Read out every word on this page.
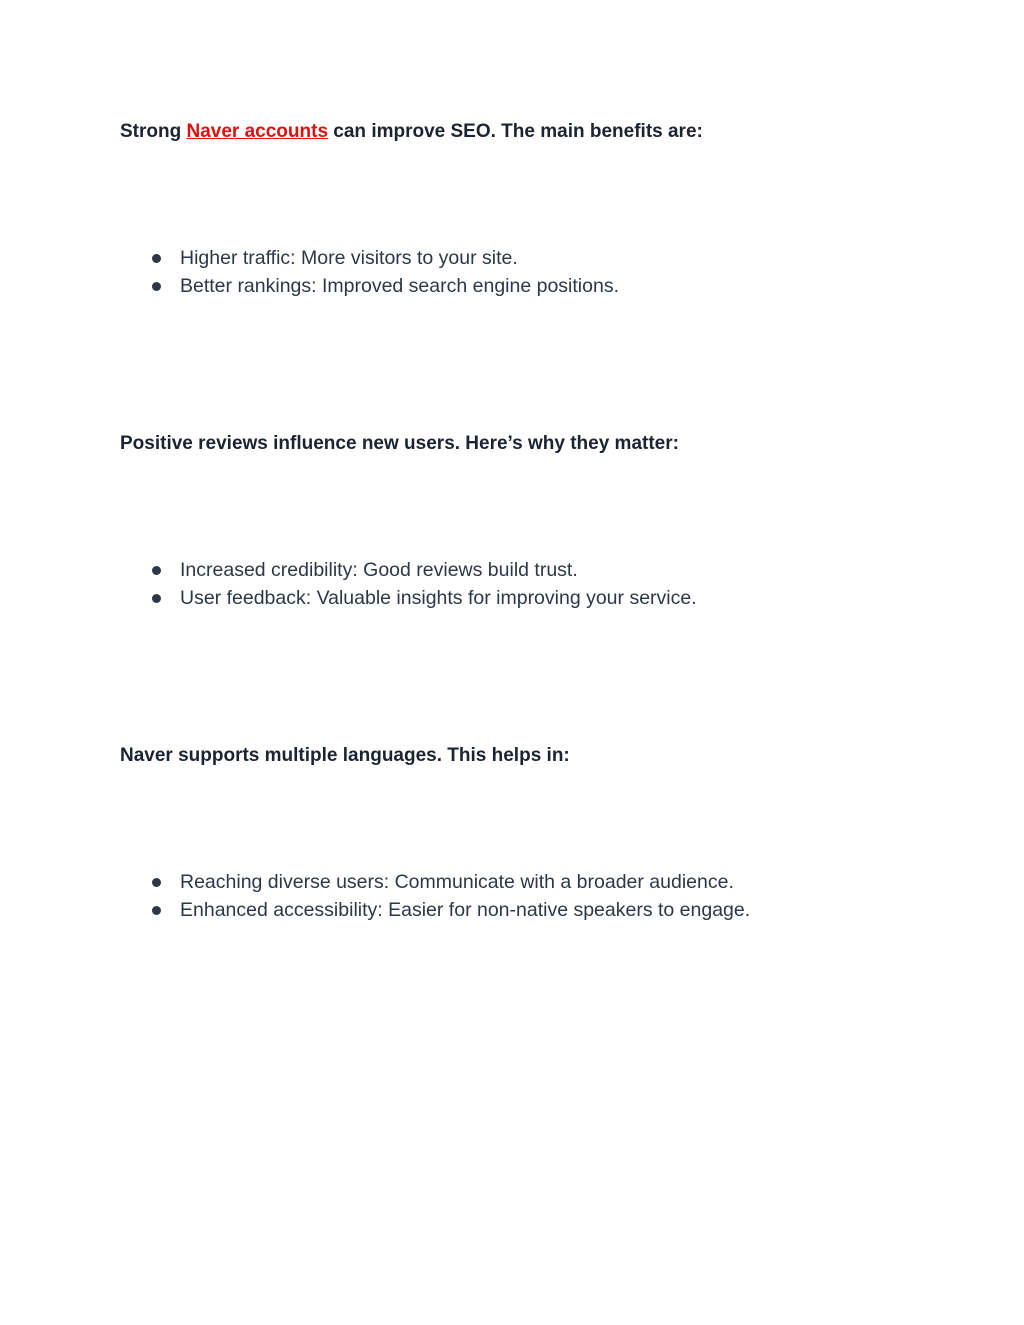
Strong Naver accounts can improve SEO. The main benefits are:

Higher traffic: More visitors to your site.
Better rankings: Improved search engine positions.

Positive reviews influence new users. Here’s why they matter:

Increased credibility: Good reviews build trust.
User feedback: Valuable insights for improving your service.

Naver supports multiple languages. This helps in:

Reaching diverse users: Communicate with a broader audience.
Enhanced accessibility: Easier for non-native speakers to engage.
